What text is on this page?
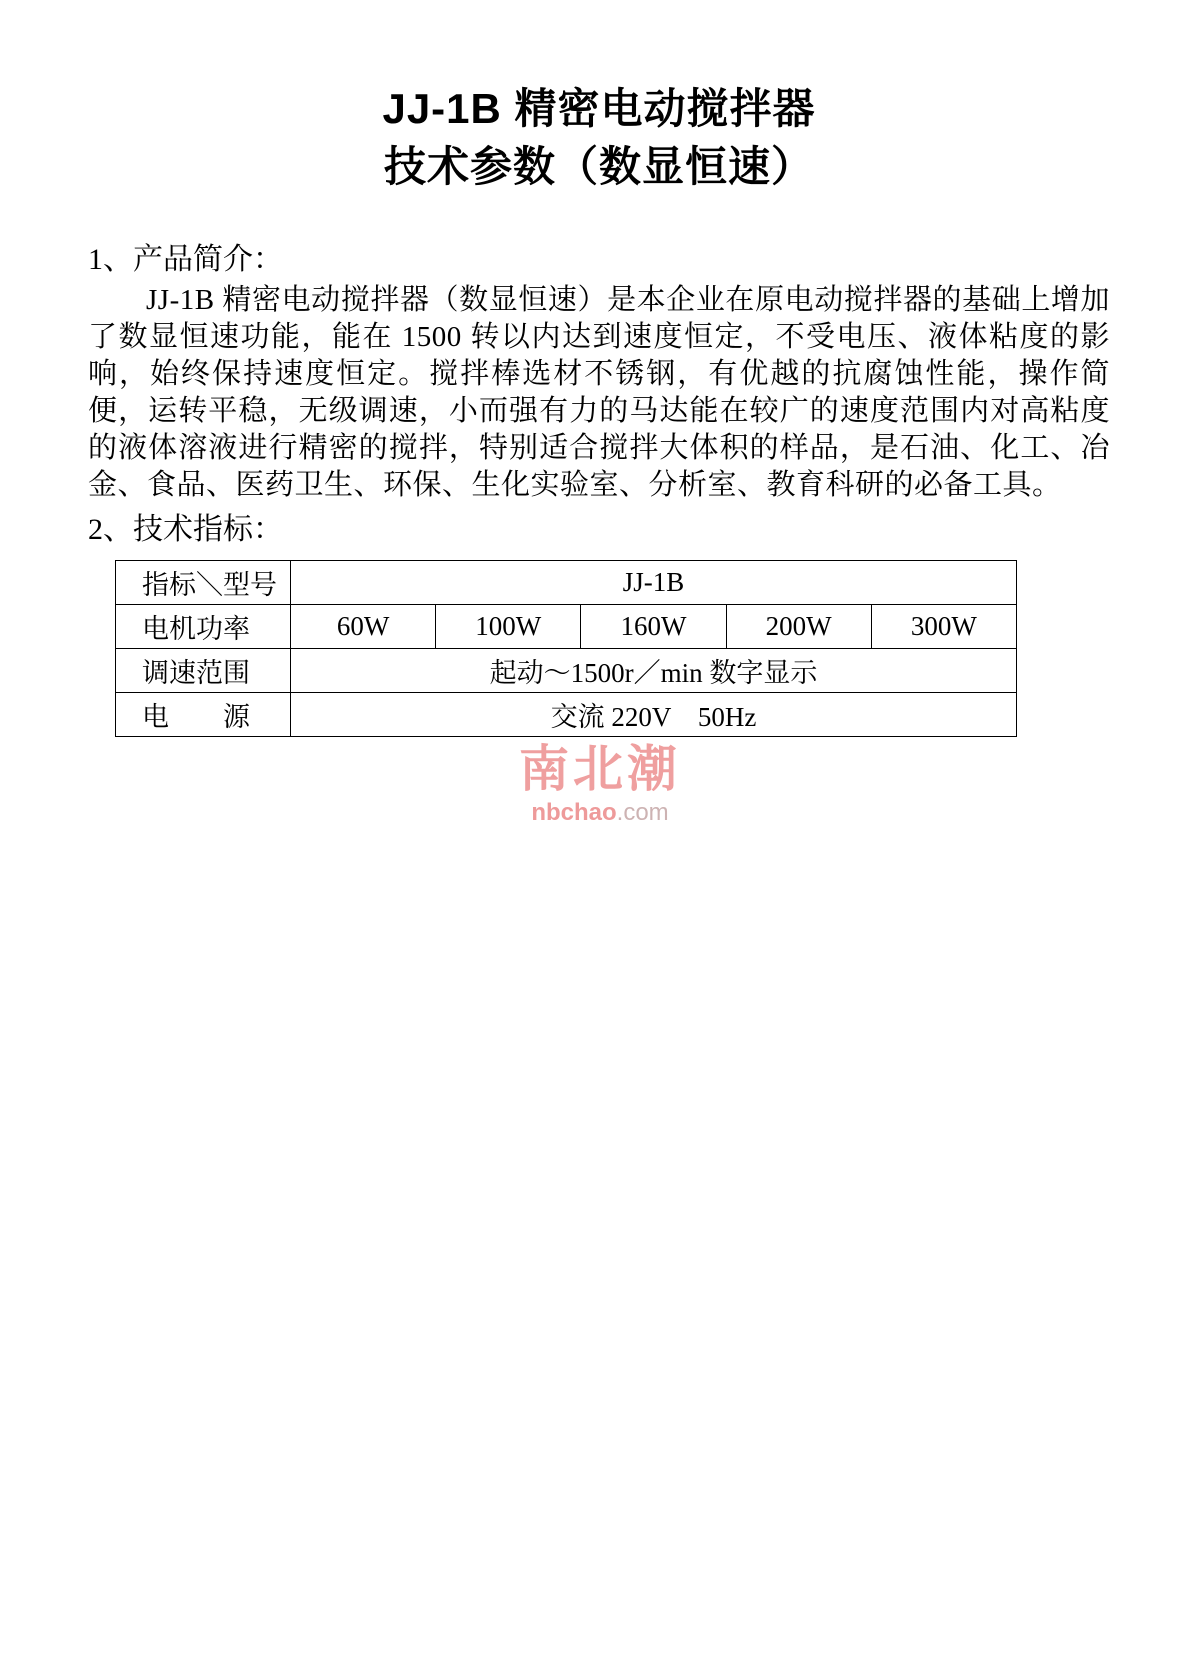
JJ-1B 精密电动搅拌器
技术参数（数显恒速）
1、产品简介：

JJ-1B 精密电动搅拌器（数显恒速）是本企业在原电动搅拌器的基础上增加了数显恒速功能，能在 1500 转以内达到速度恒定，不受电压、液体粘度的影响，始终保持速度恒定。搅拌棒选材不锈钢，有优越的抗腐蚀性能，操作简便，运转平稳，无级调速，小而强有力的马达能在较广的速度范围内对高粘度的液体溶液进行精密的搅拌，特别适合搅拌大体积的样品，是石油、化工、冶金、食品、医药卫生、环保、生化实验室、分析室、教育科研的必备工具。

2、技术指标：
指标＼型号	JJ-1B				
电机功率	60W	100W	160W	200W	300W
调速范围	起动～1500r／min 数字显示				
电　　源	交流 220V　50Hz				
南北潮
nbchao.com
